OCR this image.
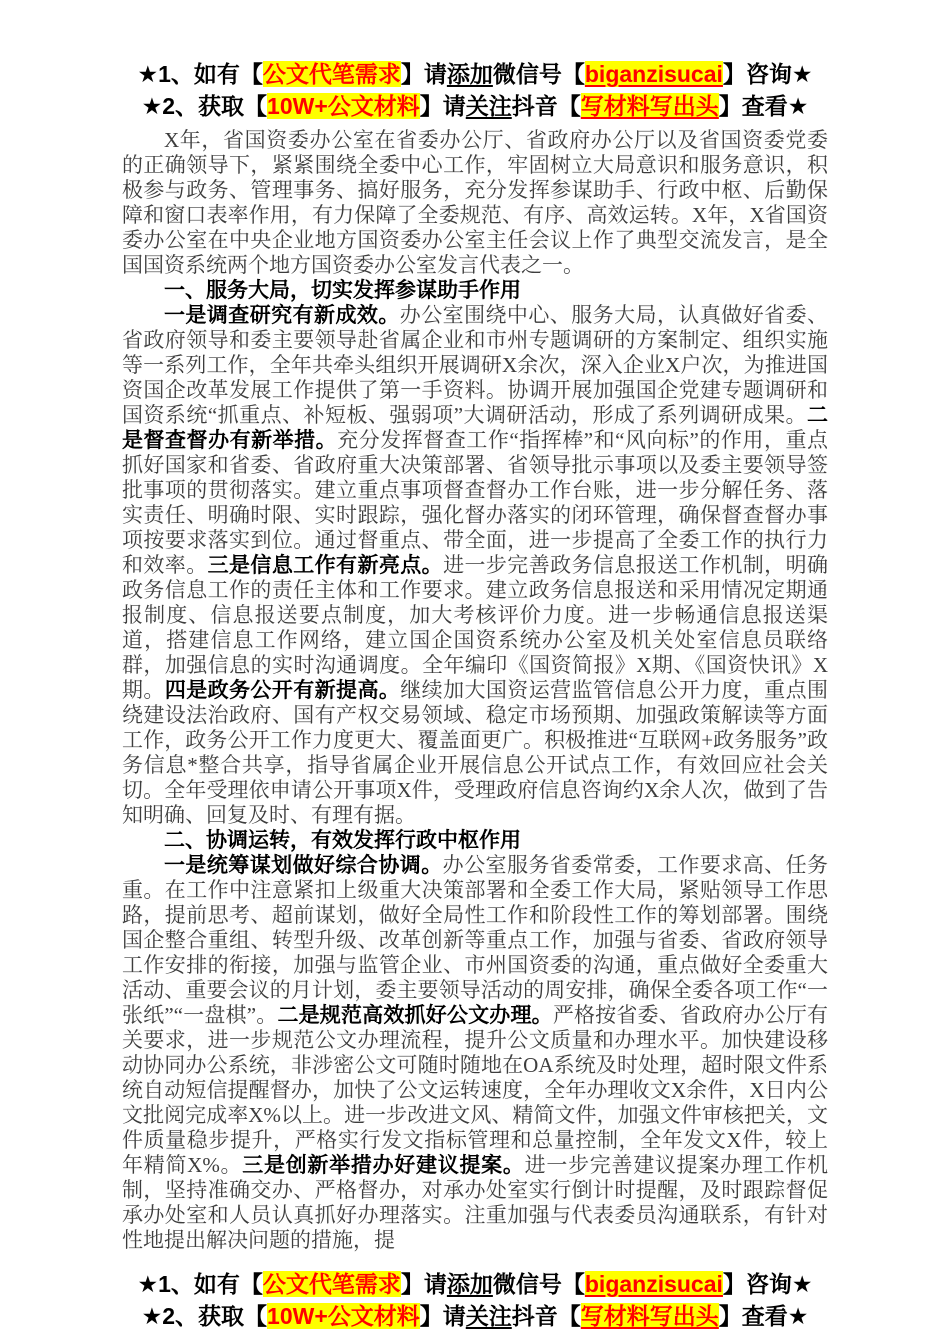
★1、如有【公文代笔需求】请添加微信号【biganzisucai】咨询★

★2、获取【10W+公文材料】请关注抖音【写材料写出头】查看★

X年，省国资委办公室在省委办公厅、省政府办公厅以及省国资委党委的正确领导下，紧紧围绕全委中心工作，牢固树立大局意识和服务意识，积极参与政务、管理事务、搞好服务，充分发挥参谋助手、行政中枢、后勤保障和窗口表率作用，有力保障了全委规范、有序、高效运转。X年，X省国资委办公室在中央企业地方国资委办公室主任会议上作了典型交流发言，是全国国资系统两个地方国资委办公室发言代表之一。

一、服务大局，切实发挥参谋助手作用

一是调查研究有新成效。办公室围绕中心、服务大局，认真做好省委、省政府领导和委主要领导赴省属企业和市州专题调研的方案制定、组织实施等一系列工作，全年共牵头组织开展调研X余次，深入企业X户次，为推进国资国企改革发展工作提供了第一手资料。协调开展加强国企党建专题调研和国资系统“抓重点、补短板、强弱项”大调研活动，形成了系列调研成果。二是督查督办有新举措。充分发挥督查工作“指挥棒”和“风向标”的作用，重点抓好国家和省委、省政府重大决策部署、省领导批示事项以及委主要领导签批事项的贯彻落实。建立重点事项督查督办工作台账，进一步分解任务、落实责任、明确时限、实时跟踪，强化督办落实的闭环管理，确保督查督办事项按要求落实到位。通过督重点、带全面，进一步提高了全委工作的执行力和效率。三是信息工作有新亮点。进一步完善政务信息报送工作机制，明确政务信息工作的责任主体和工作要求。建立政务信息报送和采用情况定期通报制度、信息报送要点制度，加大考核评价力度。进一步畅通信息报送渠道，搭建信息工作网络，建立国企国资系统办公室及机关处室信息员联络群，加强信息的实时沟通调度。全年编印《国资简报》X期、《国资快讯》X期。四是政务公开有新提高。继续加大国资运营监管信息公开力度，重点围绕建设法治政府、国有产权交易领域、稳定市场预期、加强政策解读等方面工作，政务公开工作力度更大、覆盖面更广。积极推进“互联网+政务服务”政务信息*整合共享，指导省属企业开展信息公开试点工作，有效回应社会关切。全年受理依申请公开事项X件，受理政府信息咨询约X余人次，做到了告知明确、回复及时、有理有据。

二、协调运转，有效发挥行政中枢作用

一是统筹谋划做好综合协调。办公室服务省委常委，工作要求高、任务重。在工作中注意紧扣上级重大决策部署和全委工作大局，紧贴领导工作思路，提前思考、超前谋划，做好全局性工作和阶段性工作的筹划部署。围绕国企整合重组、转型升级、改革创新等重点工作，加强与省委、省政府领导工作安排的衔接，加强与监管企业、市州国资委的沟通，重点做好全委重大活动、重要会议的月计划，委主要领导活动的周安排，确保全委各项工作“一张纸”“一盘棋”。二是规范高效抓好公文办理。严格按省委、省政府办公厅有关要求，进一步规范公文办理流程，提升公文质量和办理水平。加快建设移动协同办公系统，非涉密公文可随时随地在OA系统及时处理，超时限文件系统自动短信提醒督办，加快了公文运转速度，全年办理收文X余件，X日内公文批阅完成率X%以上。进一步改进文风、精简文件，加强文件审核把关，文件质量稳步提升，严格实行发文指标管理和总量控制，全年发文X件，较上年精简X%。三是创新举措办好建议提案。进一步完善建议提案办理工作机制，坚持准确交办、严格督办，对承办处室实行倒计时提醒，及时跟踪督促承办处室和人员认真抓好办理落实。注重加强与代表委员沟通联系，有针对性地提出解决问题的措施，提

★1、如有【公文代笔需求】请添加微信号【biganzisucai】咨询★

★2、获取【10W+公文材料】请关注抖音【写材料写出头】查看★
